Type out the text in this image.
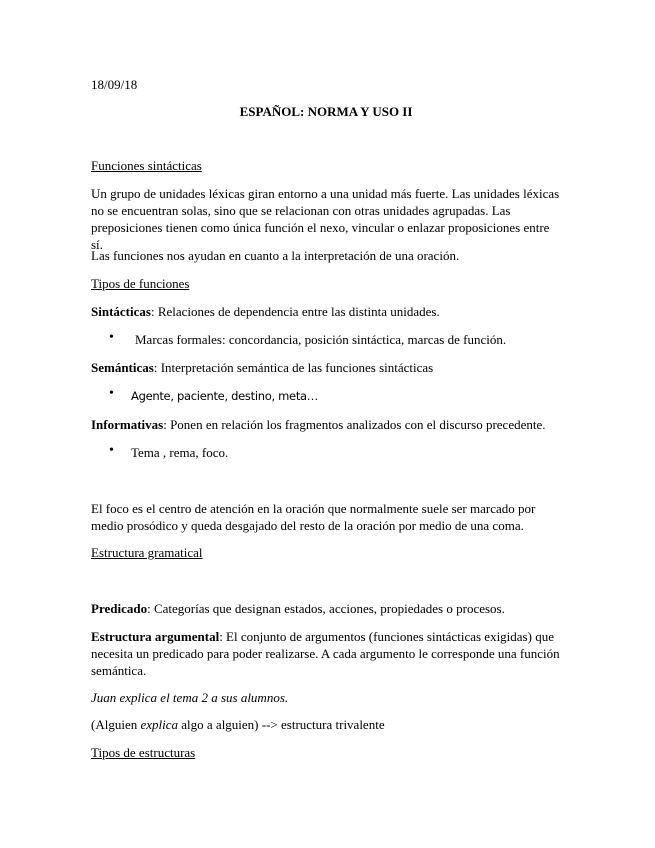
18/09/18

ESPAÑOL: NORMA Y USO II

Funciones sintácticas

Un grupo de unidades léxicas giran entorno a una unidad más fuerte. Las unidades léxicas
no se encuentran solas, sino que se relacionan con otras unidades agrupadas. Las
preposiciones tienen como única función el nexo, vincular o enlazar proposiciones entre sí.

Las funciones nos ayudan en cuanto a la interpretación de una oración.

Tipos de funciones

Sintácticas: Relaciones de dependencia entre las distinta unidades.

• Marcas formales: concordancia, posición sintáctica, marcas de función.

Semánticas: Interpretación semántica de las funciones sintácticas

• Agente, paciente, destino, meta…

Informativas: Ponen en relación los fragmentos analizados con el discurso precedente.

• Tema , rema, foco.
El foco es el centro de atención en la oración que normalmente suele ser marcado por
medio prosódico y queda desgajado del resto de la oración por medio de una coma.

Estructura gramatical

Predicado: Categorías que designan estados, acciones, propiedades o procesos.

Estructura argumental: El conjunto de argumentos (funciones sintácticas exigidas) que
necesita un predicado para poder realizarse. A cada argumento le corresponde una función
semántica.

Juan explica el tema 2 a sus alumnos.

(Alguien explica algo a alguien) --> estructura trivalente

Tipos de estructuras
